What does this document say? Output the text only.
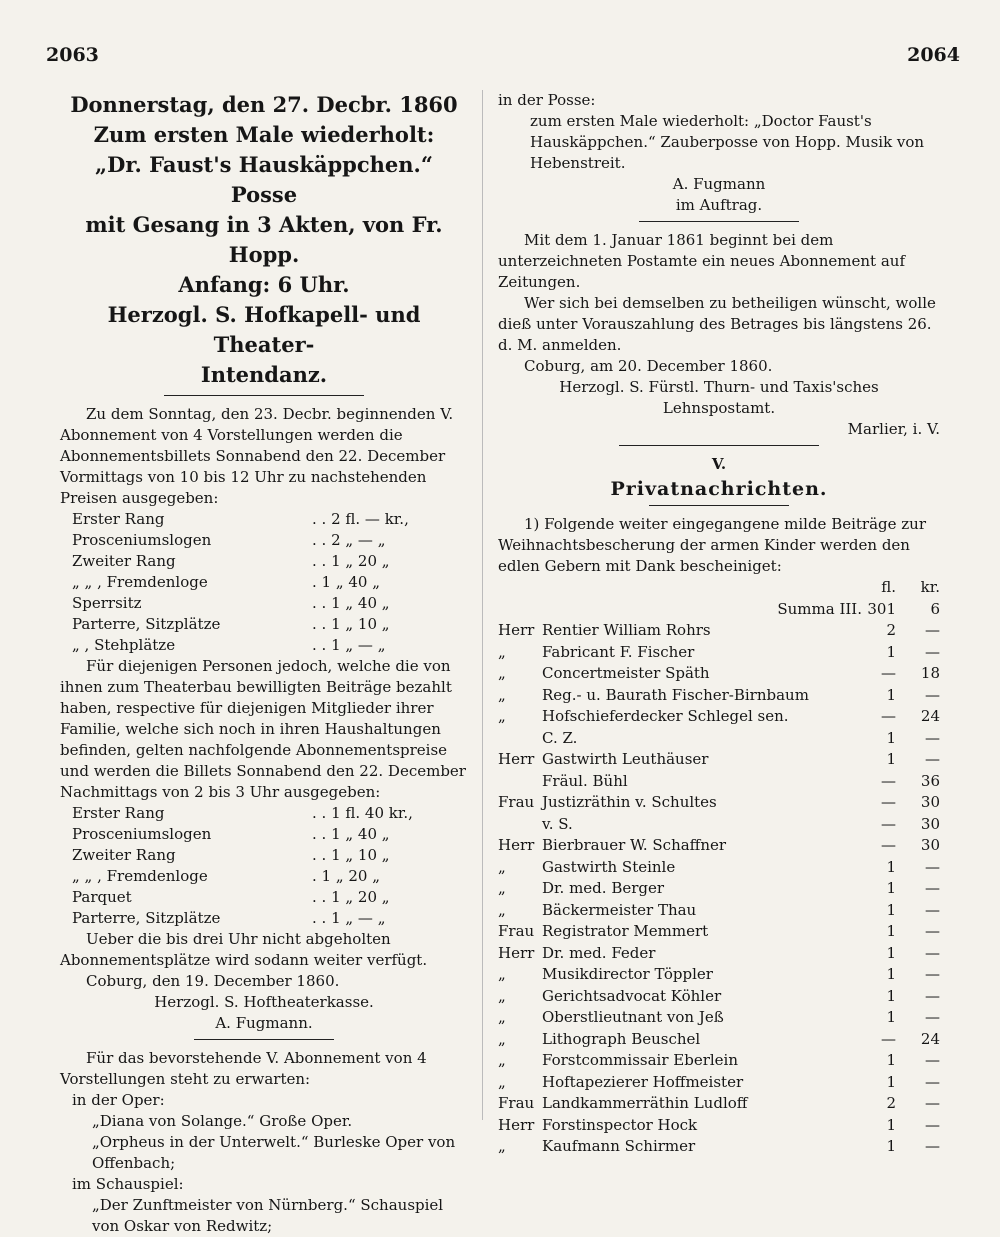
2063	2064

Donnerstag, den 27. Decbr. 1860

Zum ersten Male wiederholt:

„Dr. Faust's Hauskäppchen.“ Posse

mit Gesang in 3 Akten, von Fr. Hopp.

Anfang: 6 Uhr.

Herzogl. S. Hofkapell- und Theater-

Intendanz.

Zu dem Sonntag, den 23. Decbr. beginnenden V. Abonnement von 4 Vorstellungen werden die Abonnementsbillets Sonnabend den 22. December Vormittags von 10 bis 12 Uhr zu nachstehenden Preisen ausgegeben:

Erster Rang	. . 2 fl. — kr.,
Prosceniumslogen	. . 2 „ — „
Zweiter Rang	. . 1 „ 20 „
„ „ , Fremdenloge	. 1 „ 40 „
Sperrsitz	. . 1 „ 40 „
Parterre, Sitzplätze	. . 1 „ 10 „
„ , Stehplätze	. . 1 „ — „

Für diejenigen Personen jedoch, welche die von ihnen zum Theaterbau bewilligten Beiträge bezahlt haben, respective für diejenigen Mitglieder ihrer Familie, welche sich noch in ihren Haushaltungen befinden, gelten nachfolgende Abonnementspreise und werden die Billets Sonnabend den 22. December Nachmittags von 2 bis 3 Uhr ausgegeben:

Erster Rang	. . 1 fl. 40 kr.,
Prosceniumslogen	. . 1 „ 40 „
Zweiter Rang	. . 1 „ 10 „
„ „ , Fremdenloge	. 1 „ 20 „
Parquet	. . 1 „ 20 „
Parterre, Sitzplätze	. . 1 „ — „

Ueber die bis drei Uhr nicht abgeholten Abonnementsplätze wird sodann weiter verfügt.

Coburg, den 19. December 1860.

Herzogl. S. Hoftheaterkasse.

A. Fugmann.

Für das bevorstehende V. Abonnement von 4 Vorstellungen steht zu erwarten:

in der Oper:

„Diana von Solange.“ Große Oper.

„Orpheus in der Unterwelt.“ Burleske Oper von Offenbach;

im Schauspiel:

„Der Zunftmeister von Nürnberg.“ Schauspiel von Oskar von Redwitz;

in der Posse:

zum ersten Male wiederholt: „Doctor Faust's Hauskäppchen.“ Zauberposse von Hopp. Musik von Hebenstreit.

A. Fugmann

im Auftrag.

Mit dem 1. Januar 1861 beginnt bei dem unterzeichneten Postamte ein neues Abonnement auf Zeitungen.

Wer sich bei demselben zu betheiligen wünscht, wolle dieß unter Vorauszahlung des Betrages bis längstens 26. d. M. anmelden.

Coburg, am 20. December 1860.

Herzogl. S. Fürstl. Thurn- und Taxis'sches

Lehnspostamt.

Marlier, i. V.

V.

Privatnachrichten.

1) Folgende weiter eingegangene milde Beiträge zur Weihnachtsbescherung der armen Kinder werden den edlen Gebern mit Dank bescheiniget:

		fl.	kr.
	Summa III.	301	6
Herr	Rentier William Rohrs	2	—
„	Fabricant F. Fischer	1	—
„	Concertmeister Späth	—	18
„	Reg.- u. Baurath Fischer-Birnbaum	1	—
„	Hofschieferdecker Schlegel sen.	—	24
	C. Z.	1	—
Herr	Gastwirth Leuthäuser	1	—
	Fräul. Bühl	—	36
Frau	Justizräthin v. Schultes	—	30
	v. S.	—	30
Herr	Bierbrauer W. Schaffner	—	30
„	Gastwirth Steinle	1	—
„	Dr. med. Berger	1	—
„	Bäckermeister Thau	1	—
Frau	Registrator Memmert	1	—
Herr	Dr. med. Feder	1	—
„	Musikdirector Töppler	1	—
„	Gerichtsadvocat Köhler	1	—
„	Oberstlieutnant von Jeß	1	—
„	Lithograph Beuschel	—	24
„	Forstcommissair Eberlein	1	—
„	Hoftapezierer Hoffmeister	1	—
Frau	Landkammerräthin Ludloff	2	—
Herr	Forstinspector Hock	1	—
„	Kaufmann Schirmer	1	—
